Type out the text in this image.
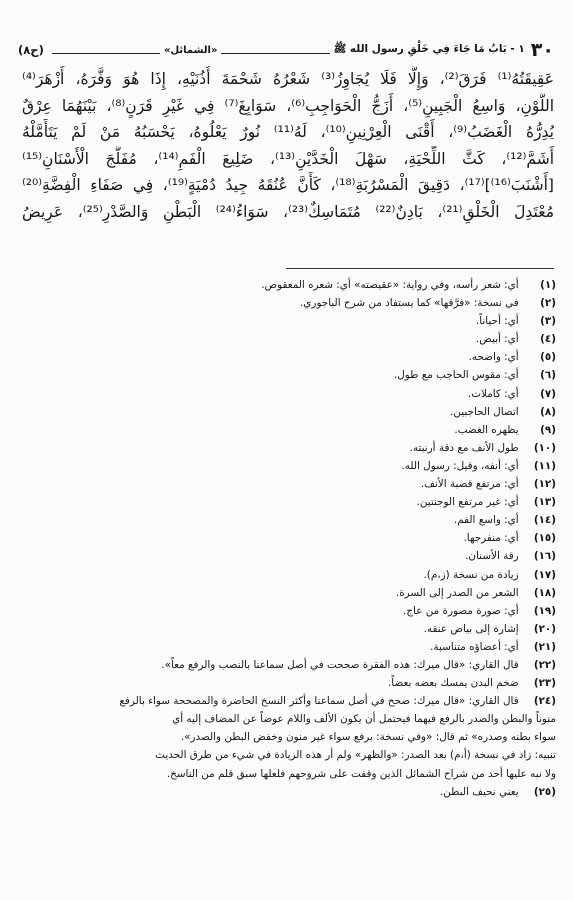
٣٠
١ - بَابُ مَا جَاءَ فِي خَلْقِ رسول الله ﷺ
«الشمائل»
(ح٨)
عَقِيقَتُهُ⁽¹⁾ فَرَقَ⁽²⁾، وَإِلَّا فَلَا يُجَاوِزُ⁽³⁾ شَعْرُهُ شَحْمَةَ أُذُنَيْهِ، إِذَا هُوَ وَفَّرَهُ، أَزْهَرَ⁽⁴⁾
اللَّوْنِ، وَاسِعُ الْجَبِينِ⁽⁵⁾، أَزَجُّ الْحَوَاجِبِ⁽⁶⁾، سَوَابِغَ⁽⁷⁾ فِي غَيْرِ قَرَنٍ⁽⁸⁾، بَيْنَهُمَا عِرْقٌ
يُدِرُّهُ الْغَضَبُ⁽⁹⁾، أَقْنَى الْعِرْنِينِ⁽¹⁰⁾، لَهُ⁽¹¹⁾ نُورٌ يَعْلُوهُ، يَحْسَبُهُ مَنْ لَمْ يَتَأَمَّلْهُ
أَشَمَّ⁽¹²⁾، كَثَّ اللِّحْيَةِ، سَهْلَ الْخَدَّيْنِ⁽¹³⁾، ضَلِيعَ الْفَمِ⁽¹⁴⁾، مُفَلَّجَ الْأَسْنَانِ⁽¹⁵⁾
[أَشْنَبَ⁽¹⁶⁾]⁽¹⁷⁾، دَقِيقَ الْمَسْرُبَةِ⁽¹⁸⁾، كَأَنَّ عُنُقَهُ جِيدُ دُمْيَةٍ⁽¹⁹⁾، فِي صَفَاءِ الْفِضَّةِ⁽²⁰⁾
مُعْتَدِلَ الْخَلْقِ⁽²¹⁾، بَادِنٌ⁽²²⁾ مُتَمَاسِكٌ⁽²³⁾، سَوَاءُ⁽²⁴⁾ الْبَطْنِ وَالصَّدْرِ⁽²⁵⁾، عَرِيضُ
(١) أي: شعر رأسه، وفي رواية: «عقيصته» أي: شعره المعقوص.
(٢) في نسخة: «فرَّقها» كما يستفاد من شرح الباجوري.
(٣) أي: أحياناً.
(٤) أي: أبيض.
(٥) أي: واضحه.
(٦) أي: مقوس الحاجب مع طول.
(٧) أي: كاملات.
(٨) اتصال الحاجبين.
(٩) يظهره الغضب.
(١٠) طول الأنف مع دقة أرنبته.
(١١) أي: أنفه، وقيل: رسول الله.
(١٢) أي: مرتفع قصبة الأنف.
(١٣) أي: غير مرتفع الوجنتين.
(١٤) أي: واسع الفم.
(١٥) أي: منفرجها.
(١٦) رقة الأسنان.
(١٧) زيادة من نسخة (ز،م).
(١٨) الشعر من الصدر إلى السرة.
(١٩) أي: صورة مصورة من عاج.
(٢٠) إشارة إلى بياض عنقه.
(٢١) أي: أعضاؤه متناسبة.
(٢٢) قال القاري: «قال ميرك: هذه الفقرة صححت في أصل سماعنا بالنصب والرفع معاً».
(٢٣) ضخم البدن يمسك بعضه بعضاً.
(٢٤) قال القاري: «قال ميرك: صحح في أصل سماعنا وأكثر النسخ الحاضرة والمصححة سواء بالرفع
منوناً والبطن والصدر بالرفع فيهما فيحتمل أن يكون الألف واللام عوضاً عن المضاف إليه أي
سواء بطنه وصدره» ثم قال: «وفي نسخة: برفع سواء غير منون وخفض البطن والصدر».
تنبيه: زاد في نسخة (أ،م) بعد الصدر: «والظهر» ولم أر هذه الزيادة في شيء من طرق الحديث
ولا نبه عليها أحد من شراح الشمائل الذين وقفت على شروحهم فلعلها سبق قلم من الناسخ.
(٢٥) يعني نحيف البطن.
